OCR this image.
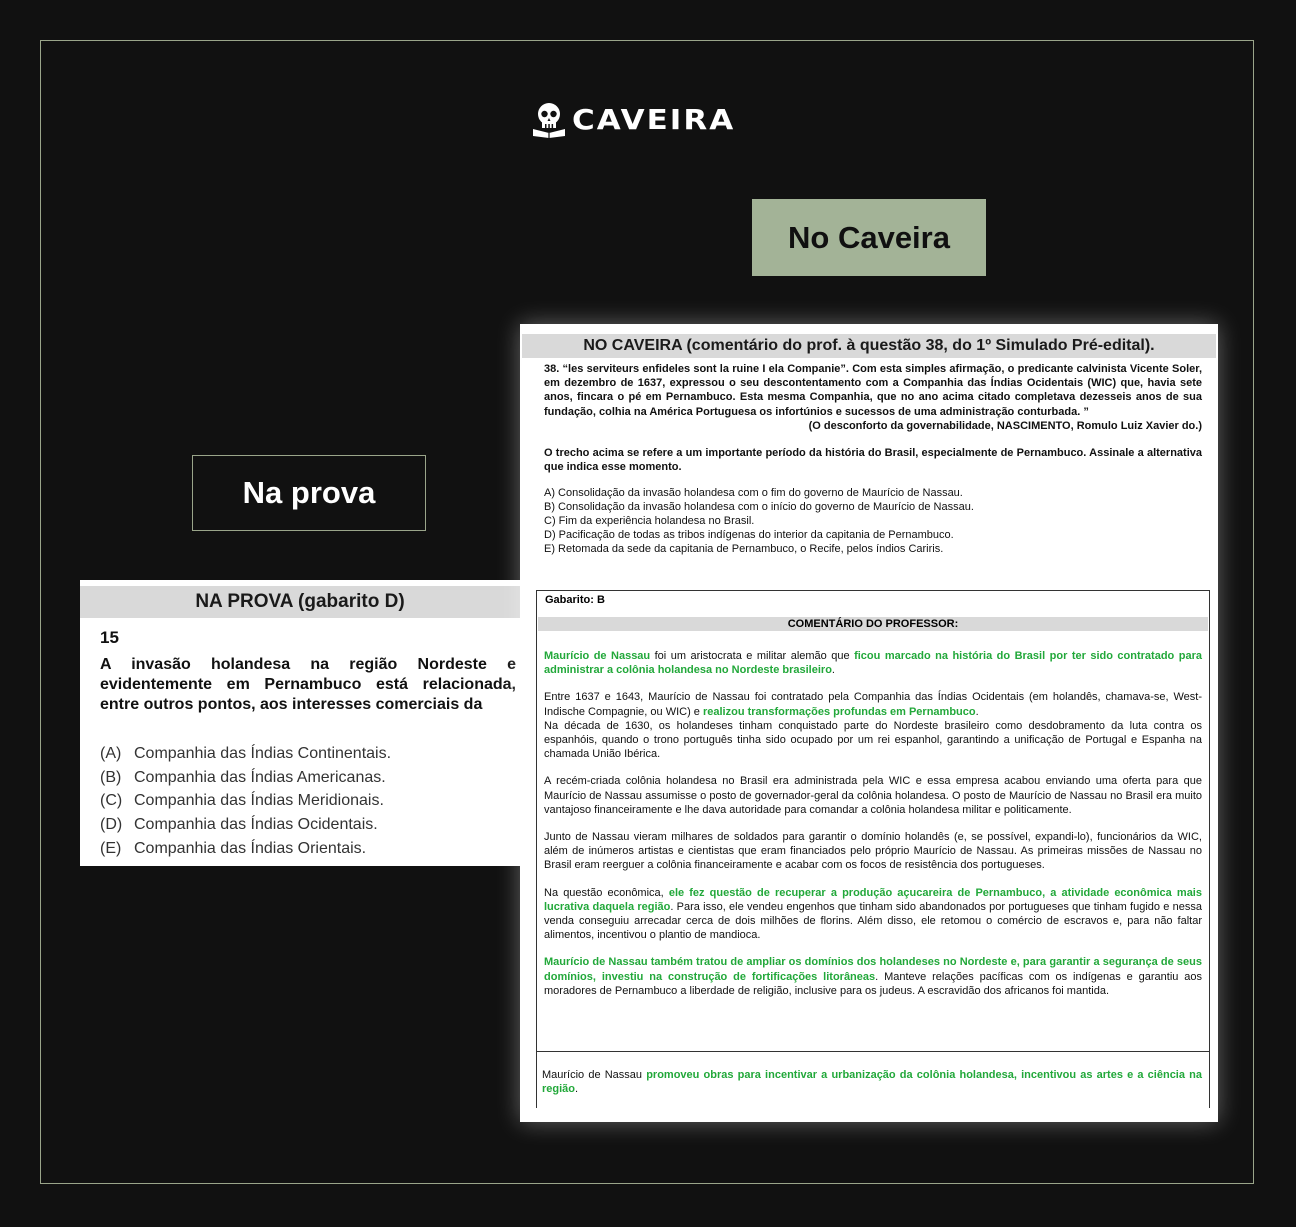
CAVEIRA
No Caveira
Na prova
NA PROVA (gabarito D)
15
A invasão holandesa na região Nordeste e
evidentemente em Pernambuco está relacionada,
entre outros pontos, aos interesses comerciais da
(A) Companhia das Índias Continentais.
(B) Companhia das Índias Americanas.
(C) Companhia das Índias Meridionais.
(D) Companhia das Índias Ocidentais.
(E) Companhia das Índias Orientais.
NO CAVEIRA (comentário do prof. à questão 38, do 1º Simulado Pré-edital).
38. “les serviteurs enfideles sont la ruine I ela Companie”. Com esta simples afirmação, o predicante calvinista Vicente Soler, em dezembro de 1637, expressou o seu descontentamento com a Companhia das Índias Ocidentais (WIC) que, havia sete anos, fincara o pé em Pernambuco. Esta mesma Companhia, que no ano acima citado completava dezesseis anos de sua fundação, colhia na América Portuguesa os infortúnios e sucessos de uma administração conturbada. ”
(O desconforto da governabilidade, NASCIMENTO, Romulo Luiz Xavier do.)
O trecho acima se refere a um importante período da história do Brasil, especialmente de Pernambuco. Assinale a alternativa que indica esse momento.
A) Consolidação da invasão holandesa com o fim do governo de Maurício de Nassau.
B) Consolidação da invasão holandesa com o início do governo de Maurício de Nassau.
C) Fim da experiência holandesa no Brasil.
D) Pacificação de todas as tribos indígenas do interior da capitania de Pernambuco.
E) Retomada da sede da capitania de Pernambuco, o Recife, pelos índios Cariris.
Gabarito: B
COMENTÁRIO DO PROFESSOR:
Maurício de Nassau foi um aristocrata e militar alemão que ficou marcado na história do Brasil por ter sido contratado para administrar a colônia holandesa no Nordeste brasileiro.
Entre 1637 e 1643, Maurício de Nassau foi contratado pela Companhia das Índias Ocidentais (em holandês, chamava-se, West-Indische Compagnie, ou WIC) e realizou transformações profundas em Pernambuco.
Na década de 1630, os holandeses tinham conquistado parte do Nordeste brasileiro como desdobramento da luta contra os espanhóis, quando o trono português tinha sido ocupado por um rei espanhol, garantindo a unificação de Portugal e Espanha na chamada União Ibérica.
A recém-criada colônia holandesa no Brasil era administrada pela WIC e essa empresa acabou enviando uma oferta para que Maurício de Nassau assumisse o posto de governador-geral da colônia holandesa. O posto de Maurício de Nassau no Brasil era muito vantajoso financeiramente e lhe dava autoridade para comandar a colônia holandesa militar e politicamente.
Junto de Nassau vieram milhares de soldados para garantir o domínio holandês (e, se possível, expandi-lo), funcionários da WIC, além de inúmeros artistas e cientistas que eram financiados pelo próprio Maurício de Nassau. As primeiras missões de Nassau no Brasil eram reerguer a colônia financeiramente e acabar com os focos de resistência dos portugueses.
Na questão econômica, ele fez questão de recuperar a produção açucareira de Pernambuco, a atividade econômica mais lucrativa daquela região. Para isso, ele vendeu engenhos que tinham sido abandonados por portugueses que tinham fugido e nessa venda conseguiu arrecadar cerca de dois milhões de florins. Além disso, ele retomou o comércio de escravos e, para não faltar alimentos, incentivou o plantio de mandioca.
Maurício de Nassau também tratou de ampliar os domínios dos holandeses no Nordeste e, para garantir a segurança de seus domínios, investiu na construção de fortificações litorâneas. Manteve relações pacíficas com os indígenas e garantiu aos moradores de Pernambuco a liberdade de religião, inclusive para os judeus. A escravidão dos africanos foi mantida.
Maurício de Nassau promoveu obras para incentivar a urbanização da colônia holandesa, incentivou as artes e a ciência na região.
